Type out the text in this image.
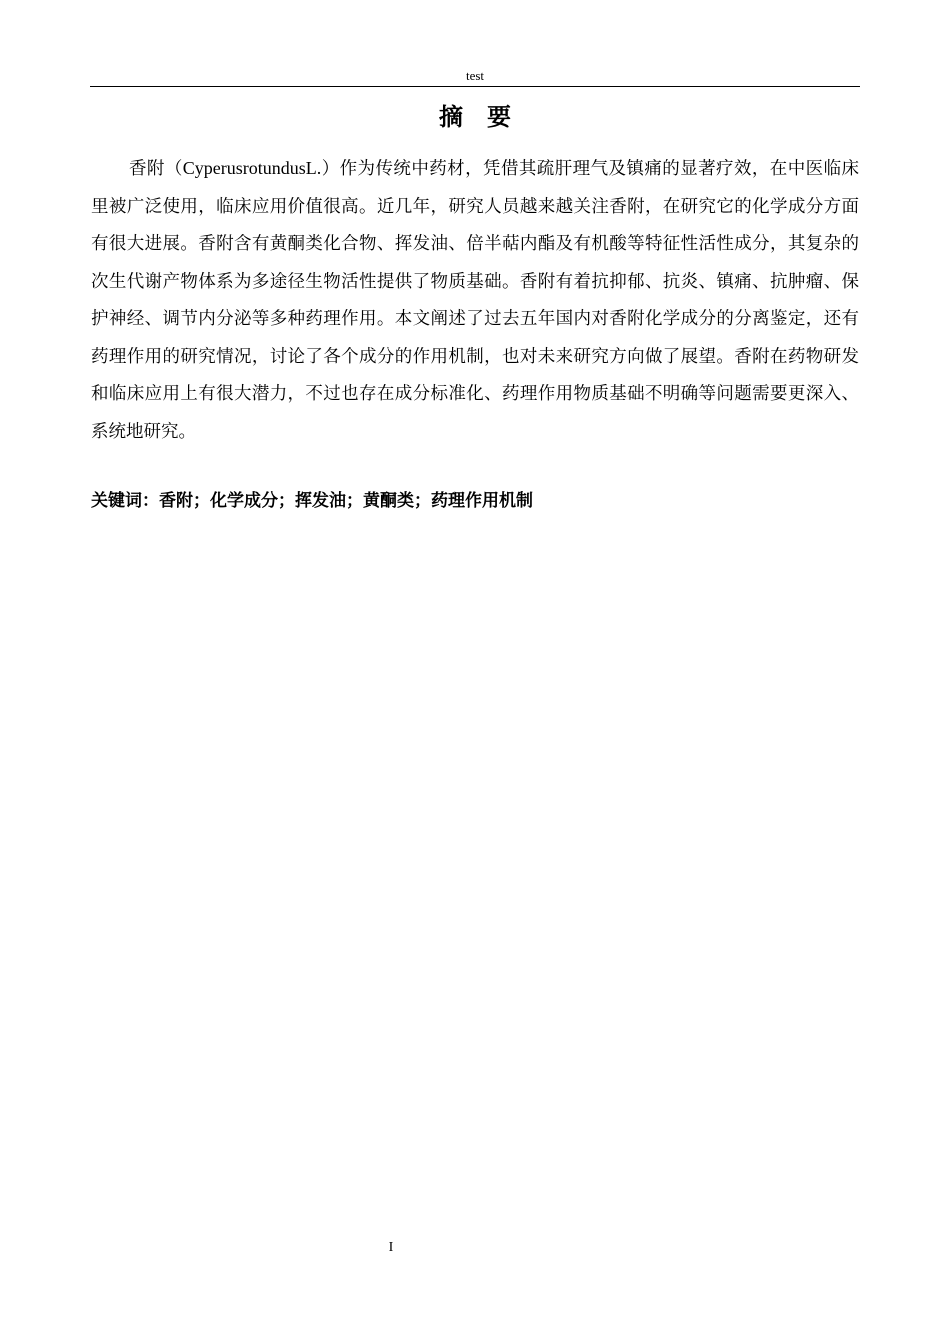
test
摘 要

香附（CyperusrotundusL.）作为传统中药材，凭借其疏肝理气及镇痛的显著疗效，在中医临床里被广泛使用，临床应用价值很高。近几年，研究人员越来越关注香附，在研究它的化学成分方面有很大进展。香附含有黄酮类化合物、挥发油、倍半萜内酯及有机酸等特征性活性成分，其复杂的次生代谢产物体系为多途径生物活性提供了物质基础。香附有着抗抑郁、抗炎、镇痛、抗肿瘤、保护神经、调节内分泌等多种药理作用。本文阐述了过去五年国内对香附化学成分的分离鉴定，还有药理作用的研究情况，讨论了各个成分的作用机制，也对未来研究方向做了展望。香附在药物研发和临床应用上有很大潜力，不过也存在成分标准化、药理作用物质基础不明确等问题需要更深入、系统地研究。

关键词：香附；化学成分；挥发油；黄酮类；药理作用机制

I
